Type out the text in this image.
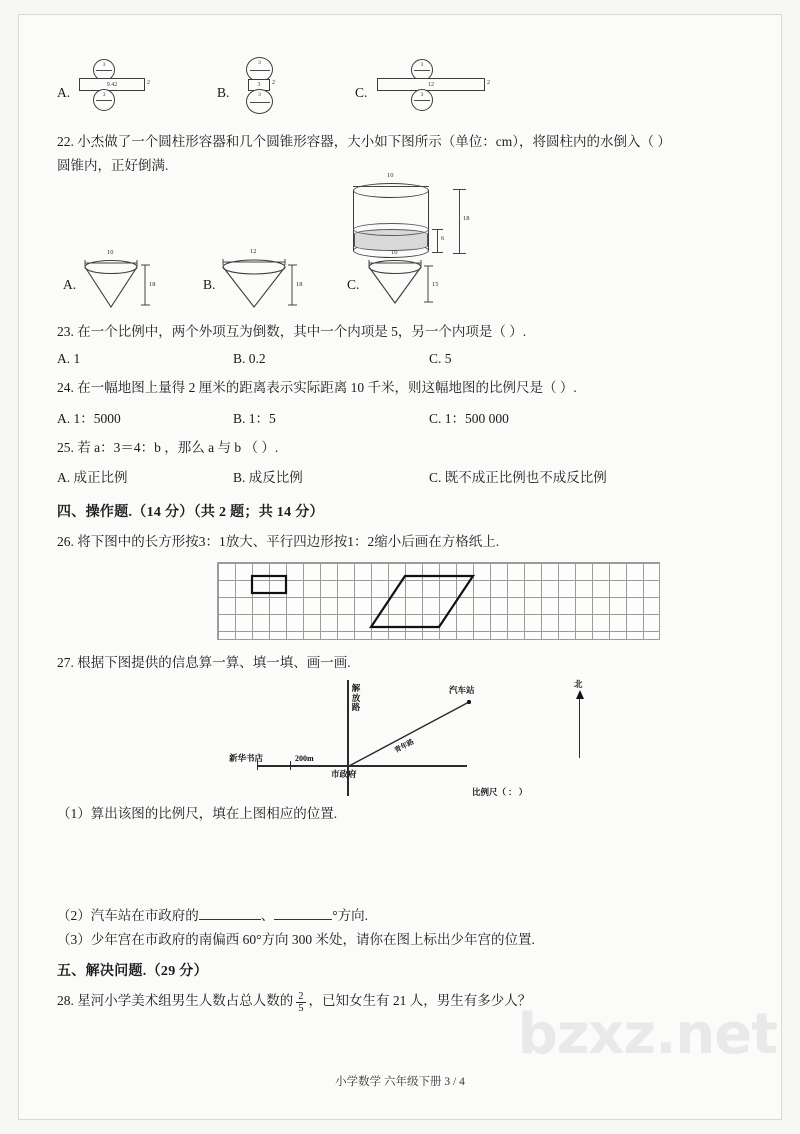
A.
3
9.42	2
3	B.
3
3 2
3	C.
3
12	2
3

22. 小杰做了一个圆柱形容器和几个圆锥形容器，大小如下图所示（单位：cm），将圆柱内的水倒入（ ）

圆锥内，正好倒满.

10
18
6
A.
10
18	B.
12
18	C.
10
15

23. 在一个比例中，两个外项互为倒数，其中一个内项是 5，另一个内项是（ ）.

A. 1	B. 0.2	C. 5

24. 在一幅地图上量得 2 厘米的距离表示实际距离 10 千米，则这幅地图的比例尺是（ ）.

A. 1：5000	B. 1：5	C. 1：500 000

25. 若 a：3＝4：b ，那么 a 与 b （ ）.

A. 成正比例	B. 成反比例	C. 既不成正比例也不成反比例

四、操作题.（14 分）（共 2 题；共 14 分）

26. 将下图中的长方形按3：1放大、平行四边形按1：2缩小后画在方格纸上.

27. 根据下图提供的信息算一算、填一填、画一画.

解放路
200m
新华书店
青年路
市政府
汽车站
北
比例尺（ ： ）

（1）算出该图的比例尺，填在上图相应的位置.

（2）汽车站在市政府的	、	°方向.

（3）少年宫在市政府的南偏西 60°方向 300 米处，请你在图上标出少年宫的位置.

五、解决问题.（29 分）

28. 星河小学美术组男生人数占总人数的 $\frac{2}{5}$ ，已知女生有 21 人，男生有多少人？

bzxz.net
小学数学 六年级下册 3 / 4
